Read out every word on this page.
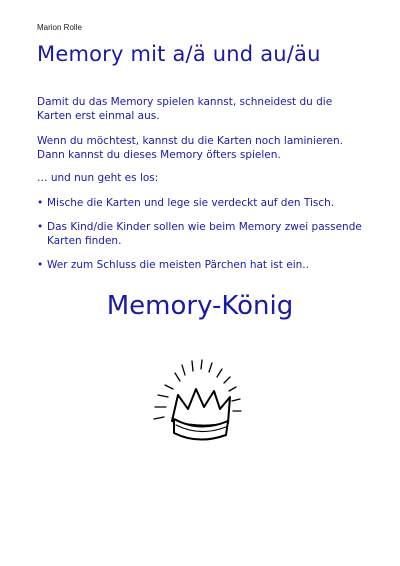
Marion Rolle
Memory mit a/ä und au/äu
Damit du das Memory spielen kannst, schneidest du die Karten erst einmal aus.
Wenn du möchtest, kannst du die Karten noch laminieren. Dann kannst du dieses Memory öfters spielen.
… und nun geht es los:
• Mische die Karten und lege sie verdeckt auf den Tisch.
• Das Kind/die Kinder sollen wie beim Memory zwei passende Karten finden.
• Wer zum Schluss die meisten Pärchen hat ist ein..
Memory-König
